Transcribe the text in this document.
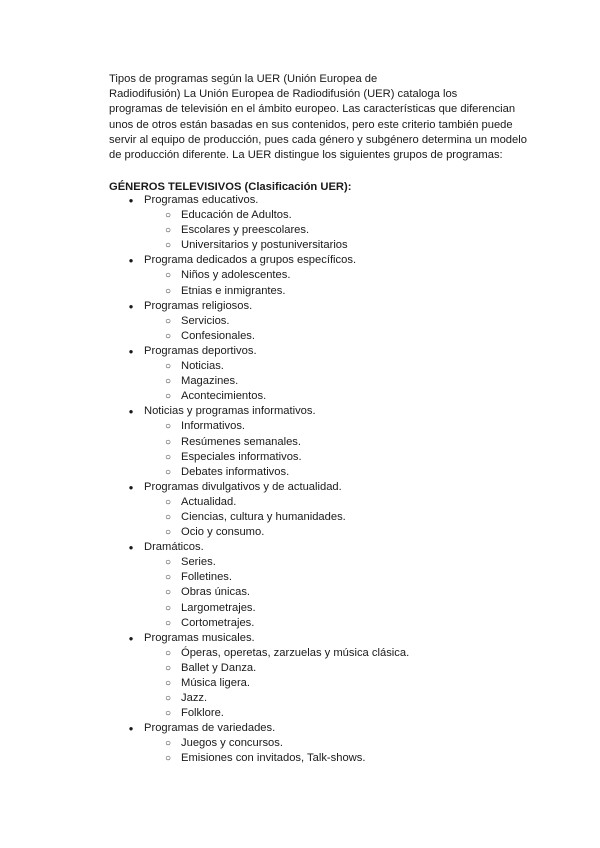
Tipos de programas según la UER (Unión Europea de
Radiodifusión) La Unión Europea de Radiodifusión (UER) cataloga los
programas de televisión en el ámbito europeo. Las características que diferencian
unos de otros están basadas en sus contenidos, pero este criterio también puede
servir al equipo de producción, pues cada género y subgénero determina un modelo
de producción diferente. La UER distingue los siguientes grupos de programas:
GÉNEROS TELEVISIVOS (Clasificación UER):
● Programas educativos.
○ Educación de Adultos.
○ Escolares y preescolares.
○ Universitarios y postuniversitarios
● Programa dedicados a grupos específicos.
○ Niños y adolescentes.
○ Etnias e inmigrantes.
● Programas religiosos.
○ Servicios.
○ Confesionales.
● Programas deportivos.
○ Noticias.
○ Magazines.
○ Acontecimientos.
● Noticias y programas informativos.
○ Informativos.
○ Resúmenes semanales.
○ Especiales informativos.
○ Debates informativos.
● Programas divulgativos y de actualidad.
○ Actualidad.
○ Ciencias, cultura y humanidades.
○ Ocio y consumo.
● Dramáticos.
○ Series.
○ Folletines.
○ Obras únicas.
○ Largometrajes.
○ Cortometrajes.
● Programas musicales.
○ Óperas, operetas, zarzuelas y música clásica.
○ Ballet y Danza.
○ Música ligera.
○ Jazz.
○ Folklore.
● Programas de variedades.
○ Juegos y concursos.
○ Emisiones con invitados, Talk-shows.
